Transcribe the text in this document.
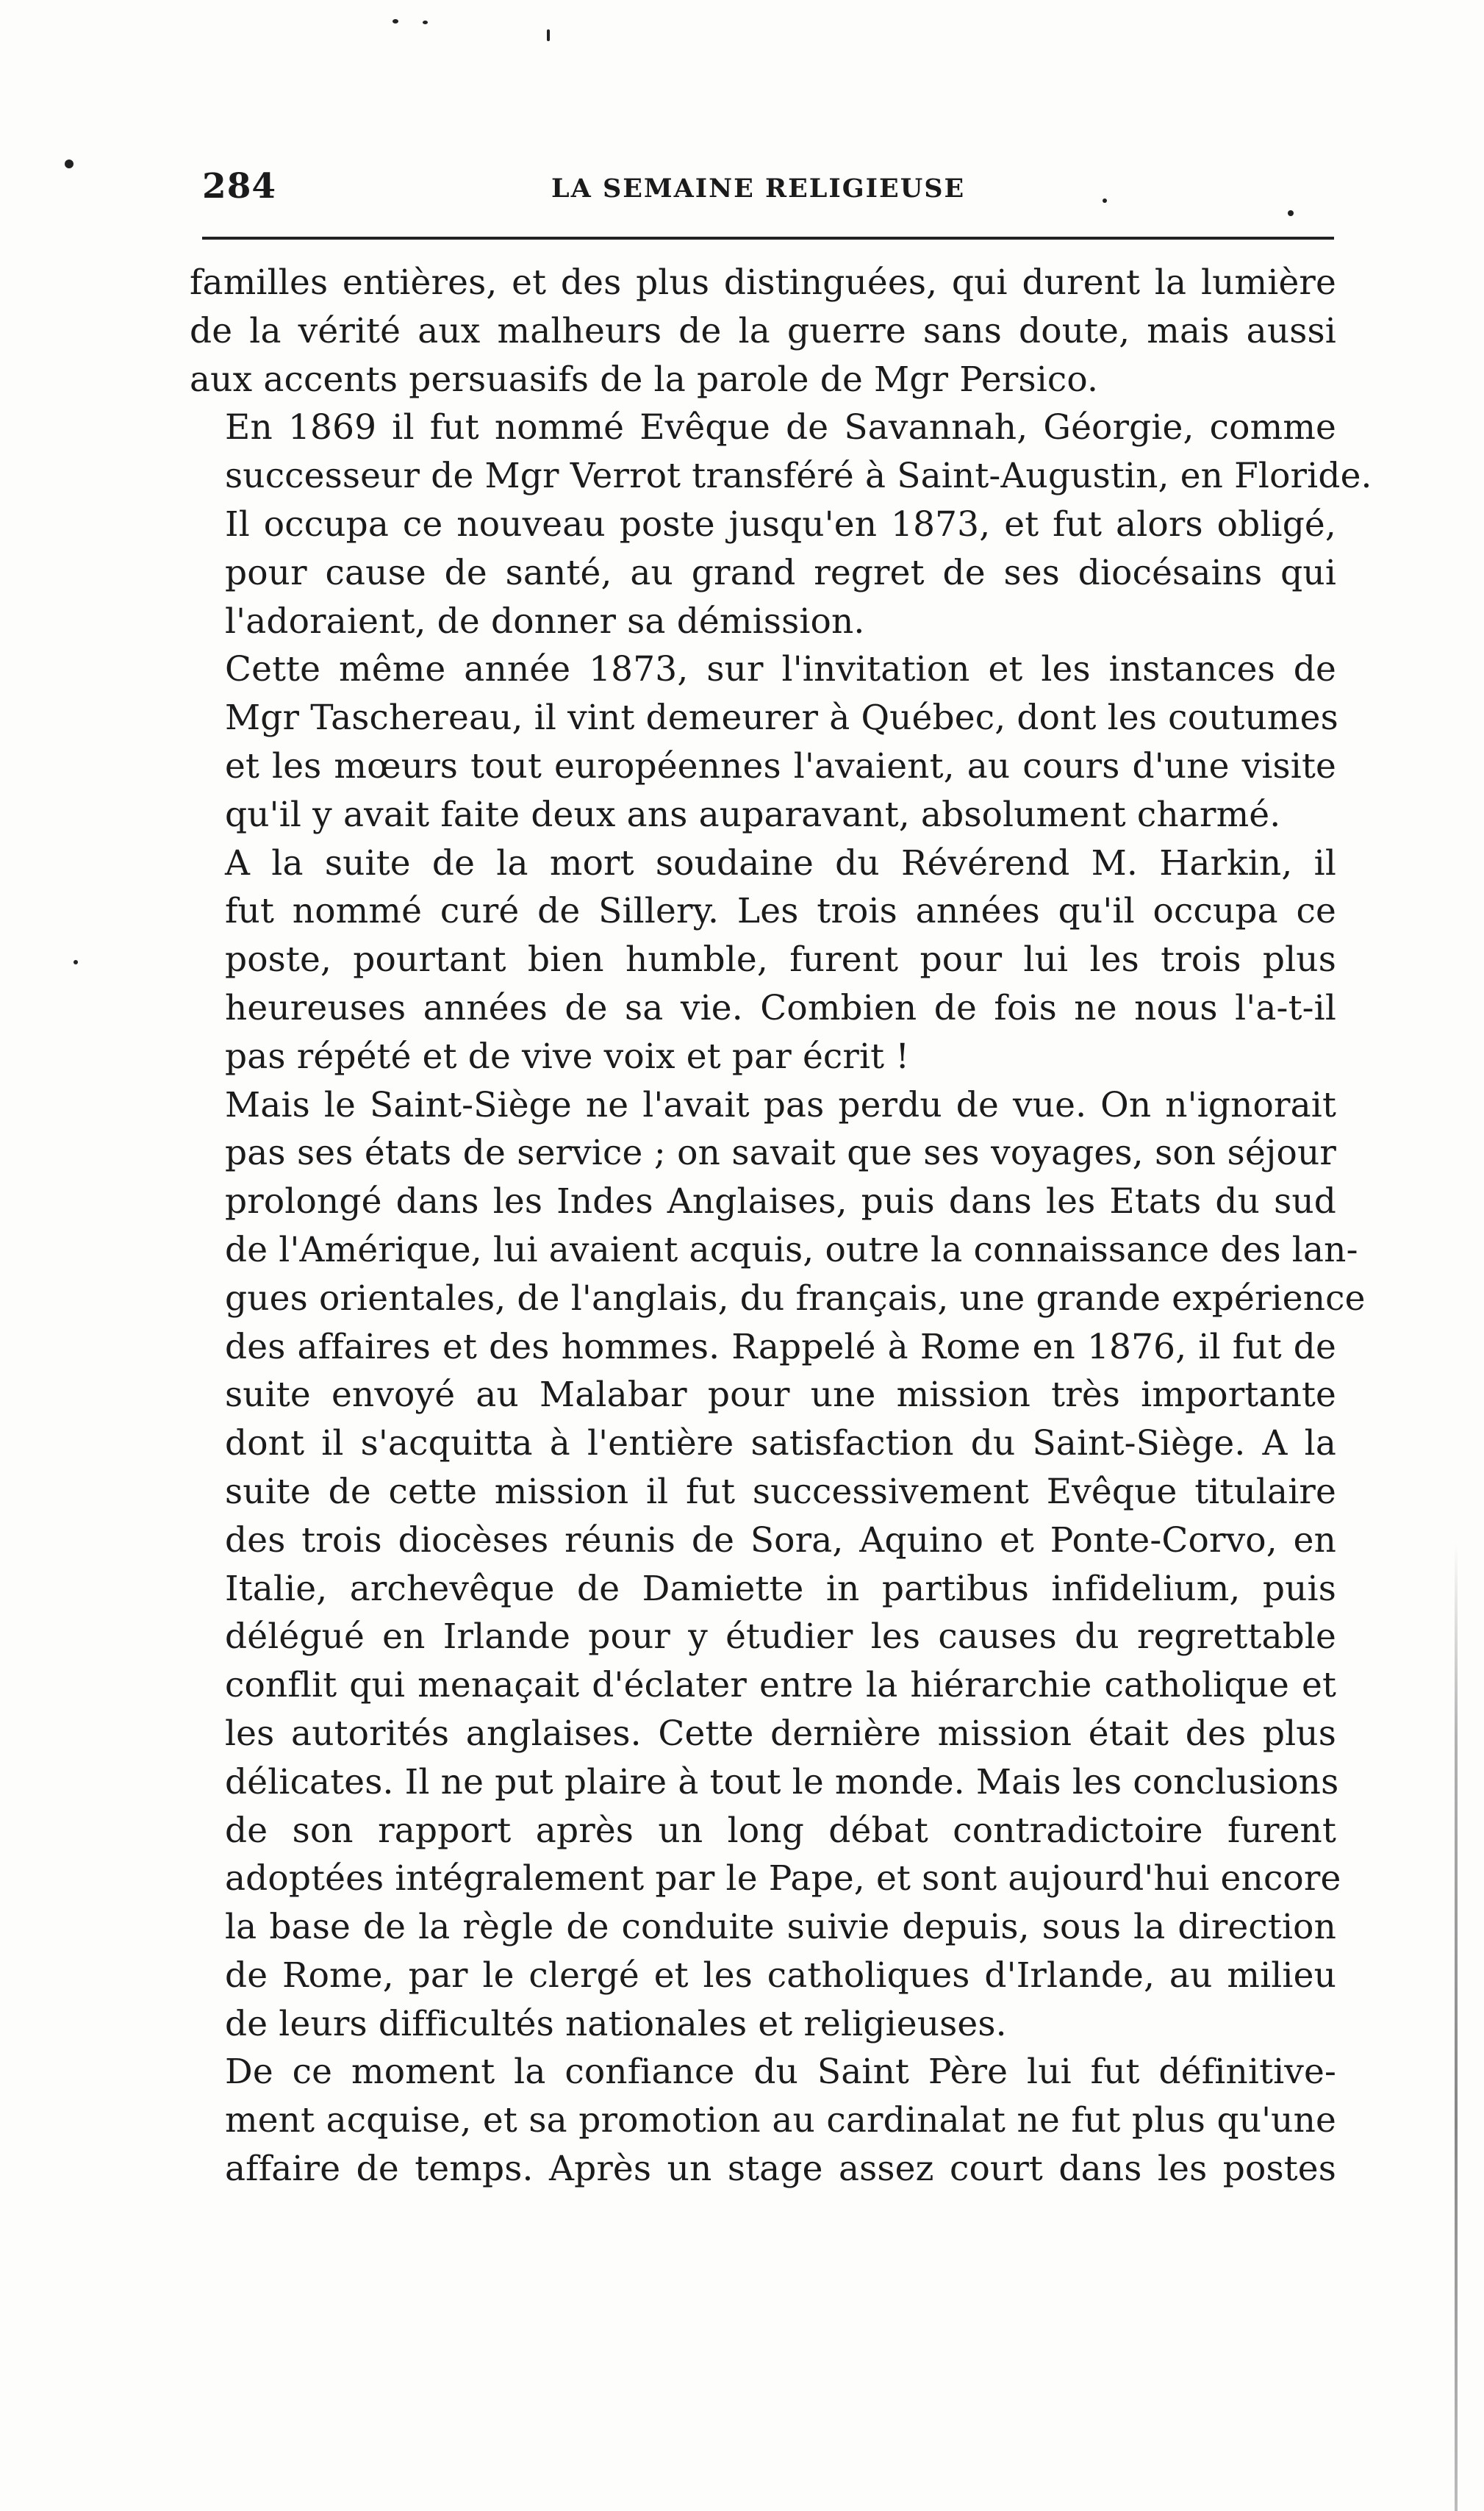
284	LA SEMAINE RELIGIEUSE

familles entières, et des plus distinguées, qui durent la lumière
de la vérité aux malheurs de la guerre sans doute, mais aussi
aux accents persuasifs de la parole de Mgr Persico.

En 1869 il fut nommé Evêque de Savannah, Géorgie, comme
successeur de Mgr Verrot transféré à Saint-Augustin, en Floride.
Il occupa ce nouveau poste jusqu'en 1873, et fut alors obligé,
pour cause de santé, au grand regret de ses diocésains qui
l'adoraient, de donner sa démission.

Cette même année 1873, sur l'invitation et les instances de
Mgr Taschereau, il vint demeurer à Québec, dont les coutumes
et les mœurs tout européennes l'avaient, au cours d'une visite
qu'il y avait faite deux ans auparavant, absolument charmé.

A la suite de la mort soudaine du Révérend M. Harkin, il
fut nommé curé de Sillery. Les trois années qu'il occupa ce
poste, pourtant bien humble, furent pour lui les trois plus
heureuses années de sa vie. Combien de fois ne nous l'a-t-il
pas répété et de vive voix et par écrit !

Mais le Saint-Siège ne l'avait pas perdu de vue. On n'ignorait
pas ses états de service ; on savait que ses voyages, son séjour
prolongé dans les Indes Anglaises, puis dans les Etats du sud
de l'Amérique, lui avaient acquis, outre la connaissance des lan-
gues orientales, de l'anglais, du français, une grande expérience
des affaires et des hommes. Rappelé à Rome en 1876, il fut de
suite envoyé au Malabar pour une mission très importante
dont il s'acquitta à l'entière satisfaction du Saint-Siège. A la
suite de cette mission il fut successivement Evêque titulaire
des trois diocèses réunis de Sora, Aquino et Ponte-Corvo, en
Italie, archevêque de Damiette in partibus infidelium, puis
délégué en Irlande pour y étudier les causes du regrettable
conflit qui menaçait d'éclater entre la hiérarchie catholique et
les autorités anglaises. Cette dernière mission était des plus
délicates. Il ne put plaire à tout le monde. Mais les conclusions
de son rapport après un long débat contradictoire furent
adoptées intégralement par le Pape, et sont aujourd'hui encore
la base de la règle de conduite suivie depuis, sous la direction
de Rome, par le clergé et les catholiques d'Irlande, au milieu
de leurs difficultés nationales et religieuses.

De ce moment la confiance du Saint Père lui fut définitive-
ment acquise, et sa promotion au cardinalat ne fut plus qu'une
affaire de temps. Après un stage assez court dans les postes
